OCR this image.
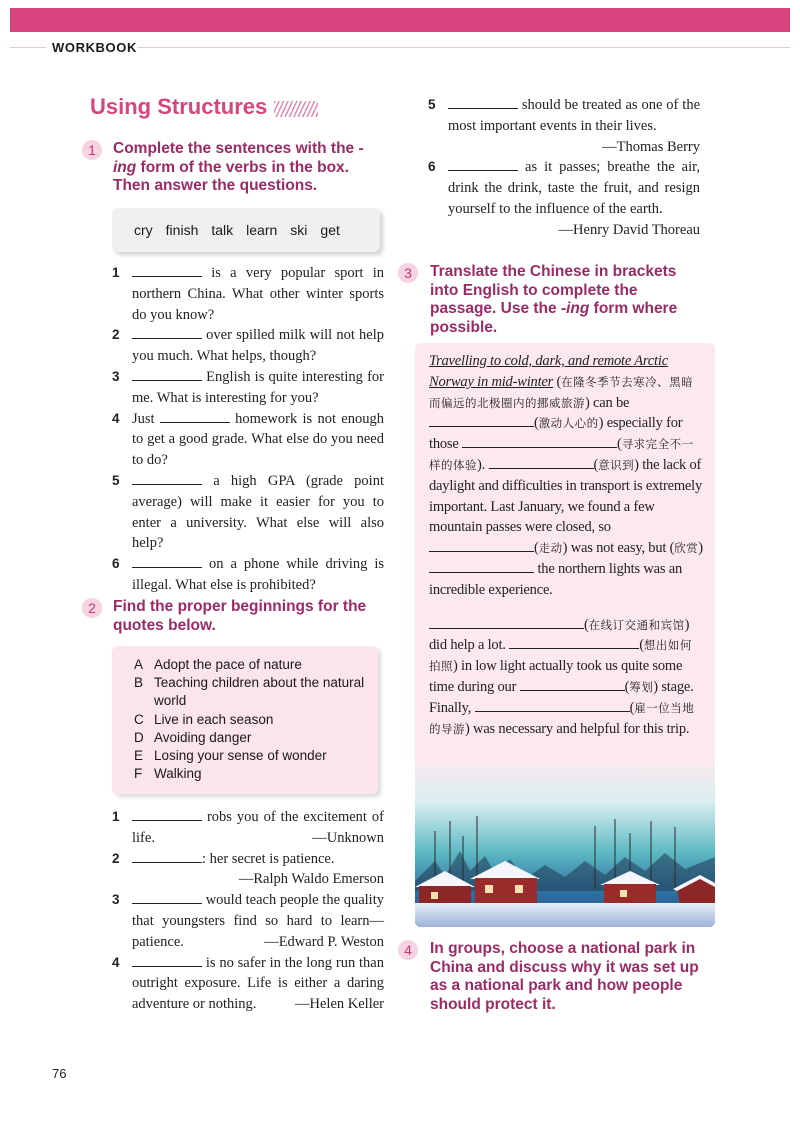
WORKBOOK
Using Structures
1	Complete the sentences with the -ing form of the verbs in the box. Then answer the questions.
cry finish talk learn ski get
1	is a very popular sport in northern China. What other winter sports do you know?
2	over spilled milk will not help you much. What helps, though?
3	English is quite interesting for me. What is interesting for you?
4 Just	homework is not enough to get a good grade. What else do you need to do?
5	a high GPA (grade point average) will make it easier for you to enter a university. What else will also help?
6	on a phone while driving is illegal. What else is prohibited?
2	Find the proper beginnings for the quotes below.
A Adopt the pace of nature
B Teaching children about the natural world
C Live in each season
D Avoiding danger
E Losing your sense of wonder
F Walking
1	robs you of the excitement of life.	—Unknown
2	: her secret is patience.
—Ralph Waldo Emerson
3	would teach people the quality that youngsters find so hard to learn—patience.	—Edward P. Weston
4	is no safer in the long run than outright exposure. Life is either a daring adventure or nothing.	—Helen Keller
5	should be treated as one of the most important events in their lives.
—Thomas Berry
6	as it passes; breathe the air, drink the drink, taste the fruit, and resign yourself to the influence of the earth.
—Henry David Thoreau
3	Translate the Chinese in brackets into English to complete the passage. Use the -ing form where possible.
Travelling to cold, dark, and remote Arctic Norway in mid-winter (在隆冬季节去寒冷、黑暗而偏远的北极圈内的挪威旅游) can be (激动人心的) especially for those	(寻求完全不一样的体验).	(意识到) the lack of daylight and difficulties in transport is extremely important. Last January, we found a few mountain passes were closed, so (走动) was not easy, but (欣赏)  the northern lights was an incredible experience.
(在线订交通和宾馆) did help a lot.	(想出如何拍照) in low light actually took us quite some time during our	(筹划) stage. Finally,	(雇一位当地的导游) was necessary and helpful for this trip.
4	In groups, choose a national park in China and discuss why it was set up as a national park and how people should protect it.
76
